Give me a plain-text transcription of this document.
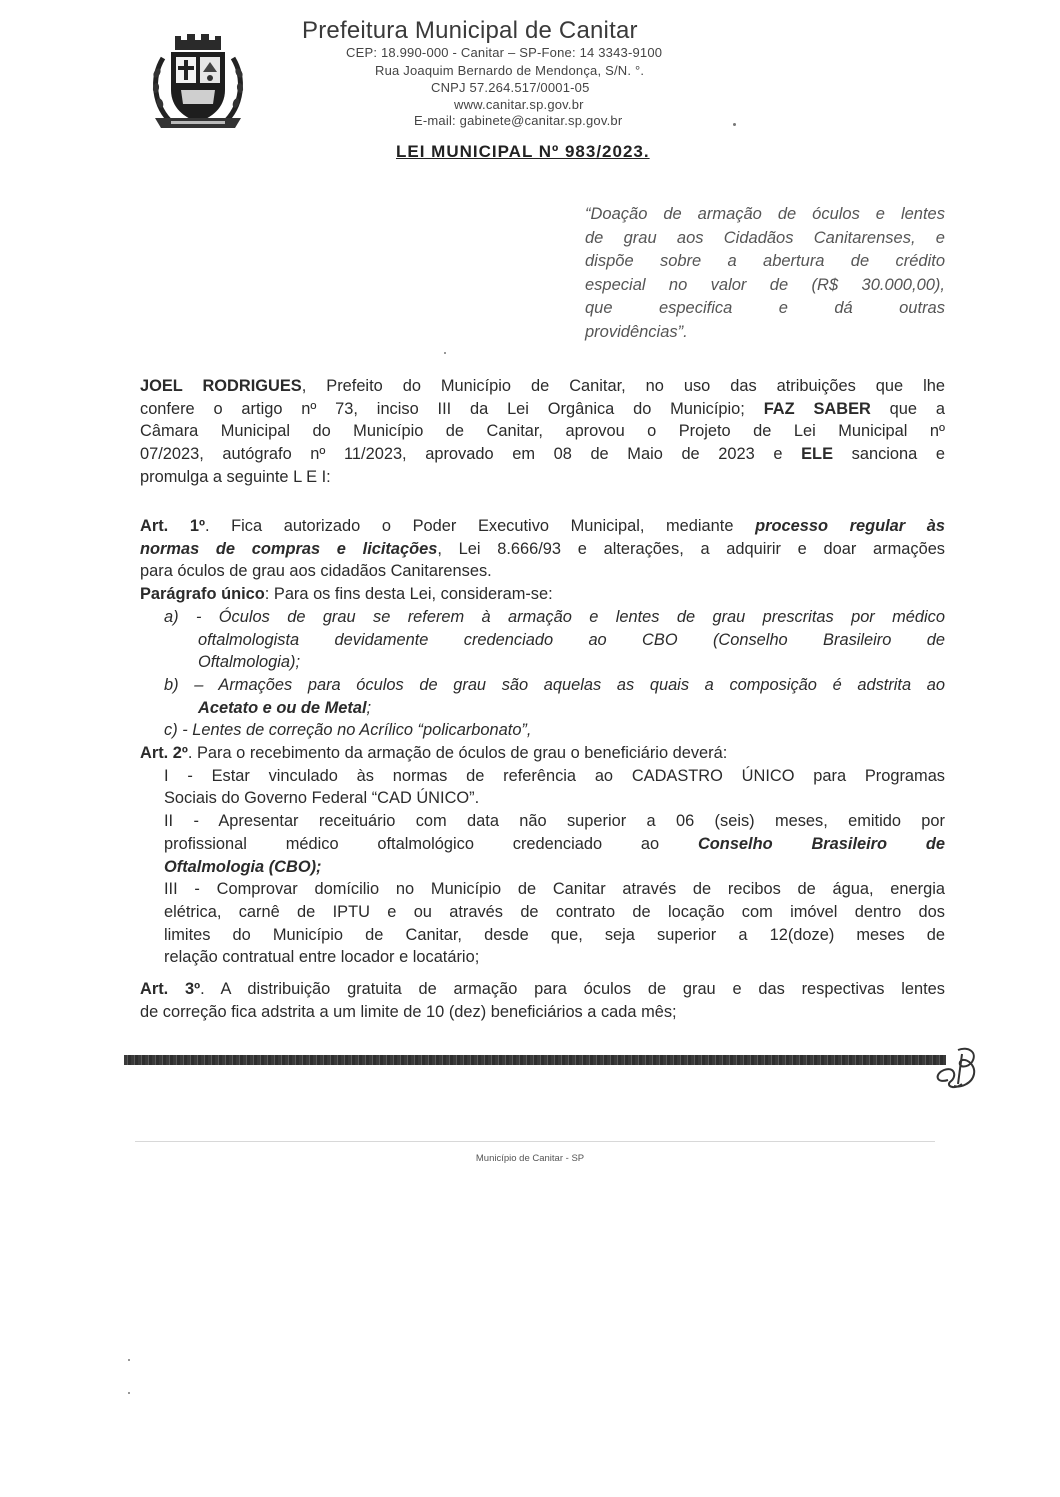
Prefeitura Municipal de Canitar
CEP: 18.990-000 - Canitar – SP-Fone: 14 3343-9100
Rua Joaquim Bernardo de Mendonça, S/N. °.
CNPJ 57.264.517/0001-05
www.canitar.sp.gov.br
E-mail: gabinete@canitar.sp.gov.br
LEI MUNICIPAL Nº 983/2023.
“Doação de armação de óculos e lentes
de grau aos Cidadãos Canitarenses, e
dispõe sobre a abertura de crédito
especial no valor de (R$ 30.000,00),
que especifica e dá outras
providências”.
JOEL RODRIGUES, Prefeito do Município de Canitar, no uso das atribuições que lhe
confere o artigo nº 73, inciso III da Lei Orgânica do Município; FAZ SABER que a
Câmara Municipal do Município de Canitar, aprovou o Projeto de Lei Municipal nº
07/2023, autógrafo nº 11/2023, aprovado em 08 de Maio de 2023 e ELE sanciona e
promulga a seguinte L E I:
Art. 1º. Fica autorizado o Poder Executivo Municipal, mediante processo regular às
normas de compras e licitações, Lei 8.666/93 e alterações, a adquirir e doar armações
para óculos de grau aos cidadãos Canitarenses.
Parágrafo único: Para os fins desta Lei, consideram-se:
a) - Óculos de grau se referem à armação e lentes de grau prescritas por médico
oftalmologista devidamente credenciado ao CBO (Conselho Brasileiro de
Oftalmologia);
b) – Armações para óculos de grau são aquelas as quais a composição é adstrita ao
Acetato e ou de Metal;
c) - Lentes de correção no Acrílico “policarbonato”,
Art. 2º. Para o recebimento da armação de óculos de grau o beneficiário deverá:
I - Estar vinculado às normas de referência ao CADASTRO ÚNICO para Programas
Sociais do Governo Federal “CAD ÚNICO”.
II - Apresentar receituário com data não superior a 06 (seis) meses, emitido por
profissional médico oftalmológico credenciado ao Conselho Brasileiro de
Oftalmologia (CBO);
III - Comprovar domícilio no Município de Canitar através de recibos de água, energia
elétrica, carnê de IPTU e ou através de contrato de locação com imóvel dentro dos
limites do Município de Canitar, desde que, seja superior a 12(doze) meses de
relação contratual entre locador e locatário;
Art. 3º. A distribuição gratuita de armação para óculos de grau e das respectivas lentes
de correção fica adstrita a um limite de 10 (dez) beneficiários a cada mês;
Município de Canitar - SP
